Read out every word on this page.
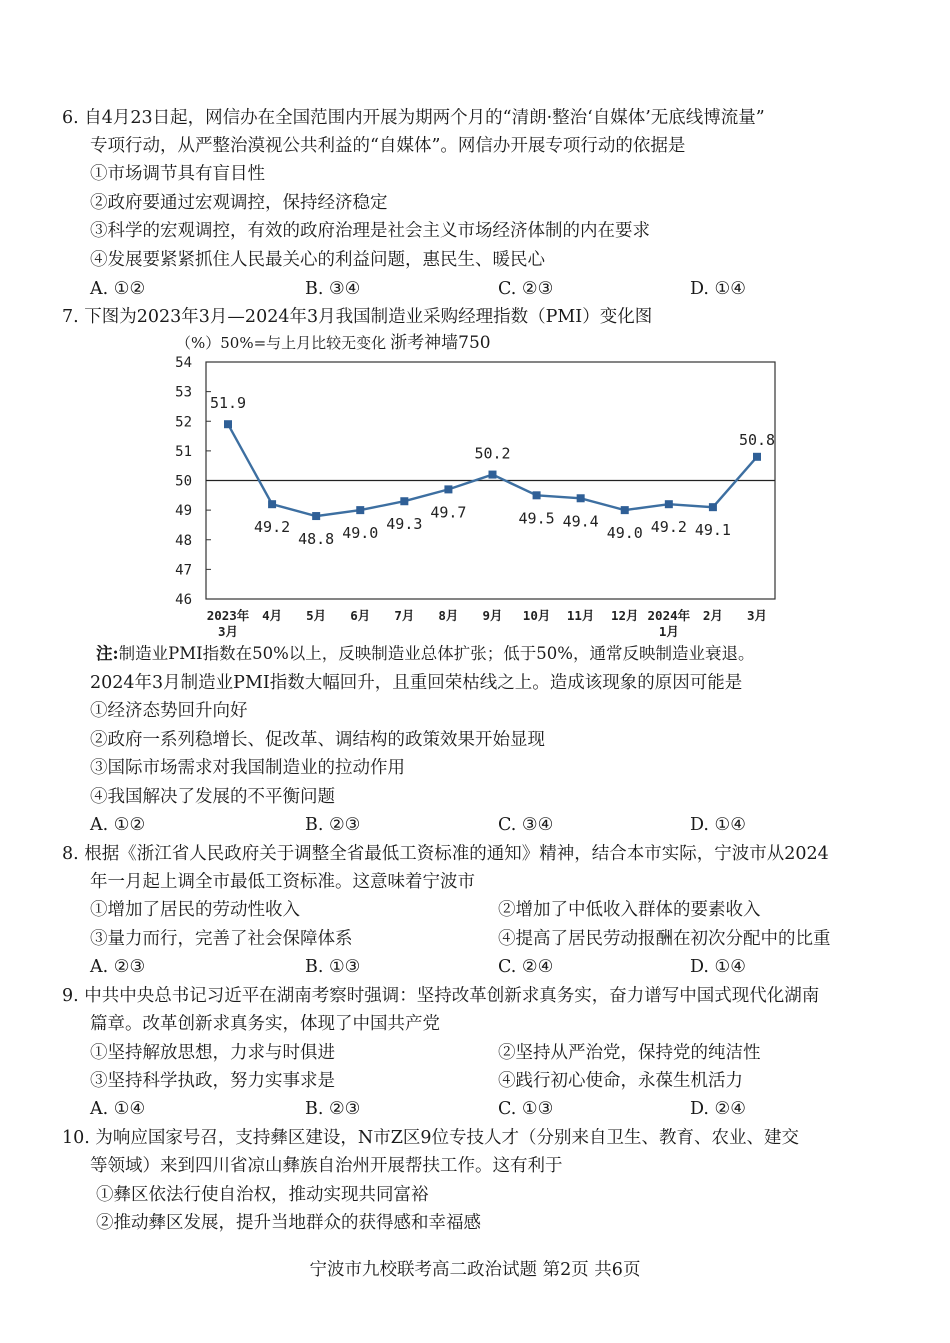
6. 自4月23日起，网信办在全国范围内开展为期两个月的“清朗·整治‘自媒体’无底线博流量”
专项行动，从严整治漠视公共利益的“自媒体”。网信办开展专项行动的依据是
①市场调节具有盲目性
②政府要通过宏观调控，保持经济稳定
③科学的宏观调控，有效的政府治理是社会主义市场经济体制的内在要求
④发展要紧紧抓住人民最关心的利益问题，惠民生、暖民心
A. ①②	B. ③④	C. ②③	D. ①④
7. 下图为2023年3月—2024年3月我国制造业采购经理指数（PMI）变化图
（%）50%=与上月比较无变化 浙考神墙750
54
53
52
51
50
49
48
47
46
51.9
49.2
48.8 49.0 49.3
49.7
50.2
49.5 49.4
49.0 49.2 49.1
50.8
2023年
3月
4月 5月 6月 7月 8月 9月 10月 11月 12月 2024年
1月
2月 3月
注:制造业PMI指数在50%以上，反映制造业总体扩张；低于50%，通常反映制造业衰退。
2024年3月制造业PMI指数大幅回升，且重回荣枯线之上。造成该现象的原因可能是
①经济态势回升向好
②政府一系列稳增长、促改革、调结构的政策效果开始显现
③国际市场需求对我国制造业的拉动作用
④我国解决了发展的不平衡问题
A. ①②	B. ②③	C. ③④	D. ①④
8. 根据《浙江省人民政府关于调整全省最低工资标准的通知》精神，结合本市实际，宁波市从2024
年一月起上调全市最低工资标准。这意味着宁波市
①增加了居民的劳动性收入	②增加了中低收入群体的要素收入
③量力而行，完善了社会保障体系	④提高了居民劳动报酬在初次分配中的比重
A. ②③	B. ①③	C. ②④	D. ①④
9. 中共中央总书记习近平在湖南考察时强调：坚持改革创新求真务实，奋力谱写中国式现代化湖南
篇章。改革创新求真务实，体现了中国共产党
①坚持解放思想，力求与时俱进	②坚持从严治党，保持党的纯洁性
③坚持科学执政，努力实事求是	④践行初心使命，永葆生机活力
A. ①④	B. ②③	C. ①③	D. ②④
10. 为响应国家号召，支持彝区建设，N市Z区9位专技人才（分别来自卫生、教育、农业、建交
等领域）来到四川省凉山彝族自治州开展帮扶工作。这有利于
①彝区依法行使自治权，推动实现共同富裕
②推动彝区发展，提升当地群众的获得感和幸福感
宁波市九校联考高二政治试题 第2页 共6页
